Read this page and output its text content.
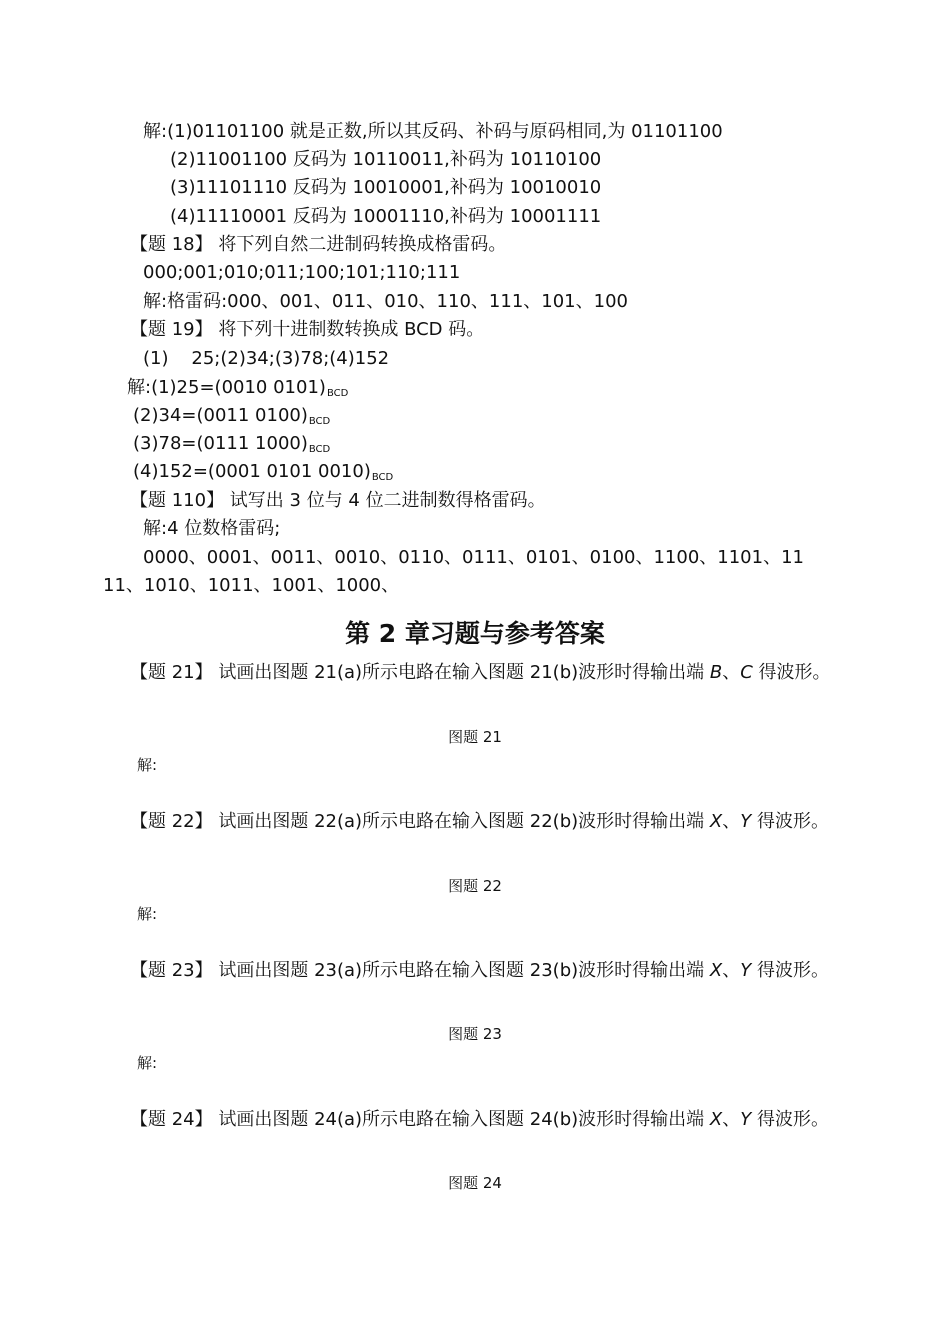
解:(1)01101100 就是正数,所以其反码、补码与原码相同,为 01101100
(2)11001100 反码为 10110011,补码为 10110100
(3)11101110 反码为 10010001,补码为 10010010
(4)11110001 反码为 10001110,补码为 10001111
【题 18】 将下列自然二进制码转换成格雷码。
000;001;010;011;100;101;110;111
解:格雷码:000、001、011、010、110、111、101、100
【题 19】 将下列十进制数转换成 BCD 码。
(1)    25;(2)34;(3)78;(4)152
解:(1)25=(0010 $0101)_{BCD}$
(2)34=(0011 $0100)_{BCD}$
(3)78=(0111 $1000)_{BCD}$
(4)152=(0001 0101 $0010)_{BCD}$
【题 110】 试写出 3 位与 4 位二进制数得格雷码。
解:4 位数格雷码;
0000、0001、0011、0010、0110、0111、0101、0100、1100、1101、11
11、1010、1011、1001、1000、
第 2 章习题与参考答案
【题 21】 试画出图题 21(a)所示电路在输入图题 21(b)波形时得输出端 B、C 得波形。
图题 21
解:
【题 22】 试画出图题 22(a)所示电路在输入图题 22(b)波形时得输出端 X、Y 得波形。
图题 22
解:
【题 23】 试画出图题 23(a)所示电路在输入图题 23(b)波形时得输出端 X、Y 得波形。
图题 23
解:
【题 24】 试画出图题 24(a)所示电路在输入图题 24(b)波形时得输出端 X、Y 得波形。
图题 24
